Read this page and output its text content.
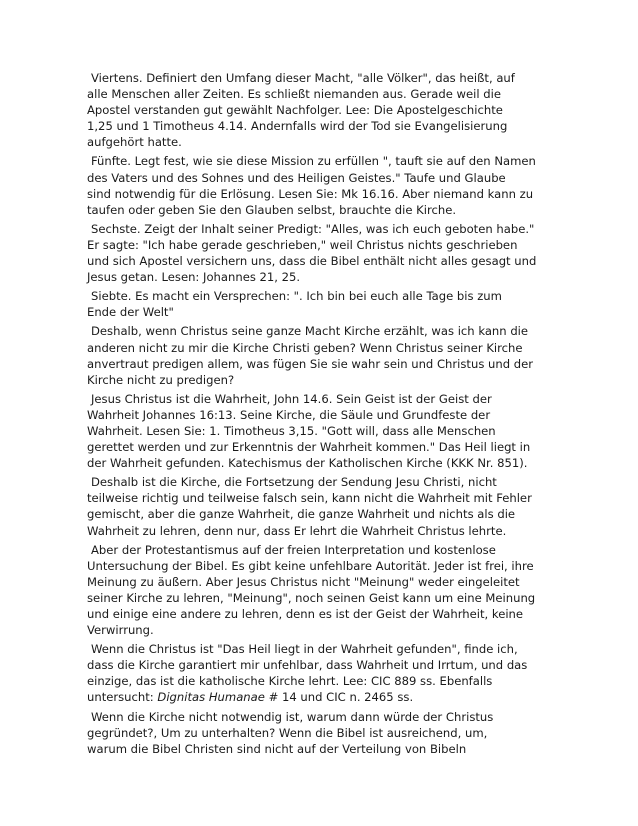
Viertens. Definiert den Umfang dieser Macht, "alle Völker", das heißt, auf
alle Menschen aller Zeiten. Es schließt niemanden aus. Gerade weil die
Apostel verstanden gut gewählt Nachfolger. Lee: Die Apostelgeschichte
1,25 und 1 Timotheus 4.14. Andernfalls wird der Tod sie Evangelisierung
aufgehört hatte.
Fünfte. Legt fest, wie sie diese Mission zu erfüllen ", tauft sie auf den Namen
des Vaters und des Sohnes und des Heiligen Geistes." Taufe und Glaube
sind notwendig für die Erlösung. Lesen Sie: Mk 16.16. Aber niemand kann zu
taufen oder geben Sie den Glauben selbst, brauchte die Kirche.
Sechste. Zeigt der Inhalt seiner Predigt: "Alles, was ich euch geboten habe."
Er sagte: "Ich habe gerade geschrieben," weil Christus nichts geschrieben
und sich Apostel versichern uns, dass die Bibel enthält nicht alles gesagt und
Jesus getan. Lesen: Johannes 21, 25.
Siebte. Es macht ein Versprechen: ". Ich bin bei euch alle Tage bis zum
Ende der Welt"
Deshalb, wenn Christus seine ganze Macht Kirche erzählt, was ich kann die
anderen nicht zu mir die Kirche Christi geben? Wenn Christus seiner Kirche
anvertraut predigen allem, was fügen Sie sie wahr sein und Christus und der
Kirche nicht zu predigen?
Jesus Christus ist die Wahrheit, John 14.6. Sein Geist ist der Geist der
Wahrheit Johannes 16:13. Seine Kirche, die Säule und Grundfeste der
Wahrheit. Lesen Sie: 1. Timotheus 3,15. "Gott will, dass alle Menschen
gerettet werden und zur Erkenntnis der Wahrheit kommen." Das Heil liegt in
der Wahrheit gefunden. Katechismus der Katholischen Kirche (KKK Nr. 851).
Deshalb ist die Kirche, die Fortsetzung der Sendung Jesu Christi, nicht
teilweise richtig und teilweise falsch sein, kann nicht die Wahrheit mit Fehler
gemischt, aber die ganze Wahrheit, die ganze Wahrheit und nichts als die
Wahrheit zu lehren, denn nur, dass Er lehrt die Wahrheit Christus lehrte.
Aber der Protestantismus auf der freien Interpretation und kostenlose
Untersuchung der Bibel. Es gibt keine unfehlbare Autorität. Jeder ist frei, ihre
Meinung zu äußern. Aber Jesus Christus nicht "Meinung" weder eingeleitet
seiner Kirche zu lehren, "Meinung", noch seinen Geist kann um eine Meinung
und einige eine andere zu lehren, denn es ist der Geist der Wahrheit, keine
Verwirrung.
Wenn die Christus ist "Das Heil liegt in der Wahrheit gefunden", finde ich,
dass die Kirche garantiert mir unfehlbar, dass Wahrheit und Irrtum, und das
einzige, das ist die katholische Kirche lehrt. Lee: CIC 889 ss. Ebenfalls
untersucht: Dignitas Humanae # 14 und CIC n. 2465 ss.
Wenn die Kirche nicht notwendig ist, warum dann würde der Christus
gegründet?, Um zu unterhalten? Wenn die Bibel ist ausreichend, um,
warum die Bibel Christen sind nicht auf der Verteilung von Bibeln
